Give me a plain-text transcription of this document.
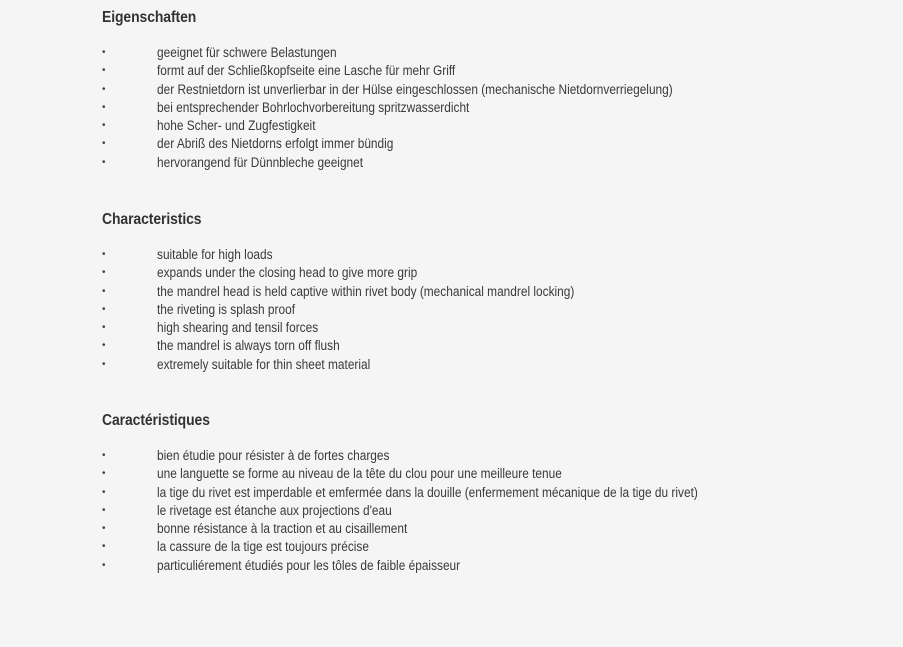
Eigenschaften
•	geeignet für schwere Belastungen
•	formt auf der Schließkopfseite eine Lasche für mehr Griff
•	der Restnietdorn ist unverlierbar in der Hülse eingeschlossen (mechanische Nietdornverriegelung)
•	bei entsprechender Bohrlochvorbereitung spritzwasserdicht
•	hohe Scher- und Zugfestigkeit
•	der Abriß des Nietdorns erfolgt immer bündig
•	hervorangend für Dünnbleche geeignet
Characteristics
•	suitable for high loads
•	expands under the closing head to give more grip
•	the mandrel head is held captive within rivet body (mechanical mandrel locking)
•	the riveting is splash proof
•	high shearing and tensil forces
•	the mandrel is always torn off flush
•	extremely suitable for thin sheet material
Caractéristiques
•	bien étudie pour résister à de fortes charges
•	une languette se forme au niveau de la tête du clou pour une meilleure tenue
•	la tige du rivet est imperdable et emfermée dans la douille (enfermement mécanique de la tige du rivet)
•	le rivetage est étanche aux projections d'eau
•	bonne résistance à la traction et au cisaillement
•	la cassure de la tige est toujours précise
•	particuliérement étudiés pour les tôles de faible épaisseur
